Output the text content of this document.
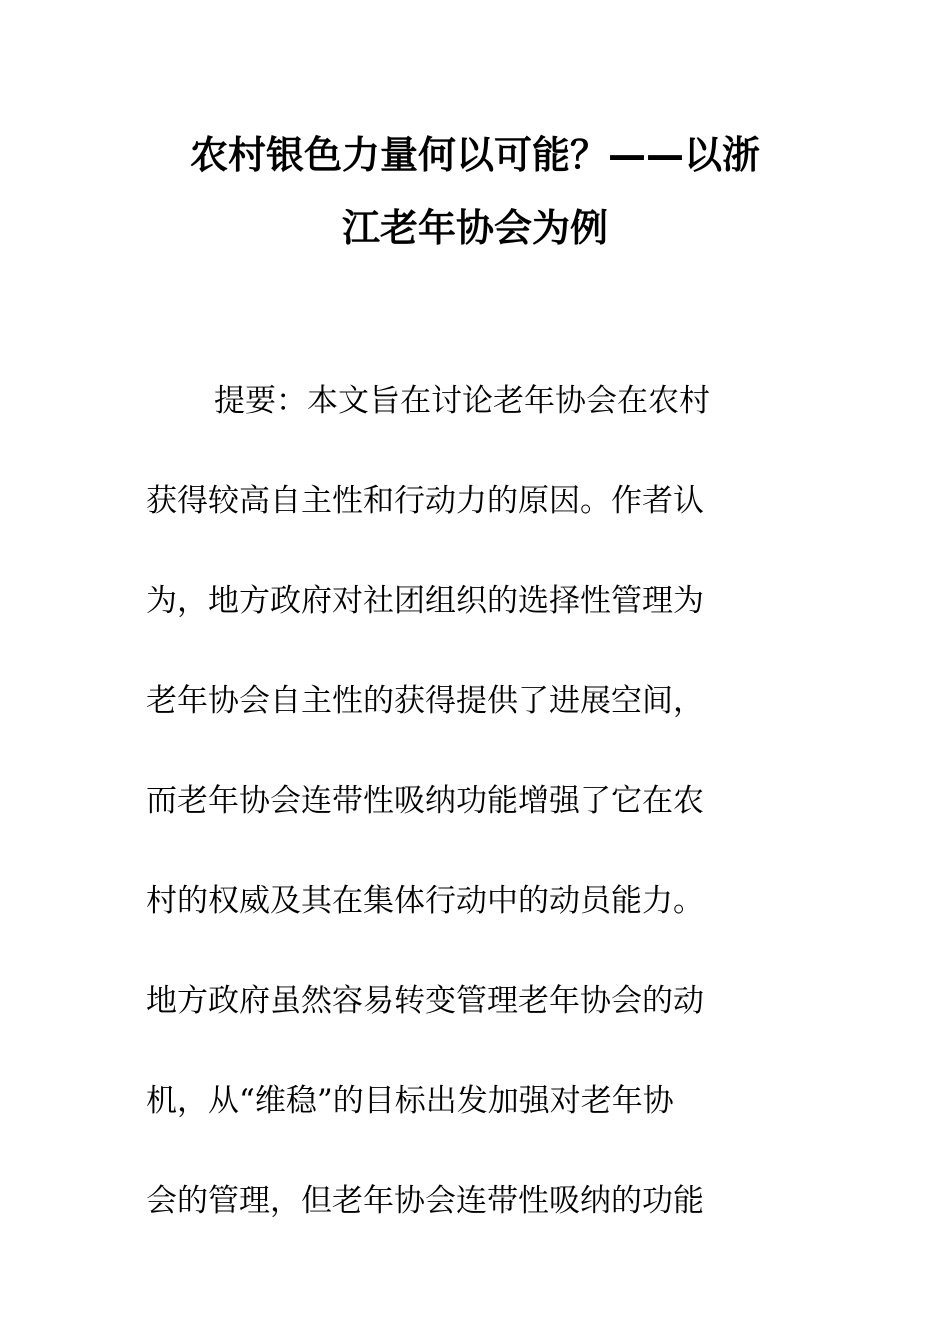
农村银色力量何以可能？——以浙
江老年协会为例
提要：本文旨在讨论老年协会在农村
获得较高自主性和行动力的原因。作者认
为，地方政府对社团组织的选择性管理为
老年协会自主性的获得提供了进展空间，
而老年协会连带性吸纳功能增强了它在农
村的权威及其在集体行动中的动员能力。
地方政府虽然容易转变管理老年协会的动
机，从“维稳”的目标出发加强对老年协
会的管理，但老年协会连带性吸纳的功能
